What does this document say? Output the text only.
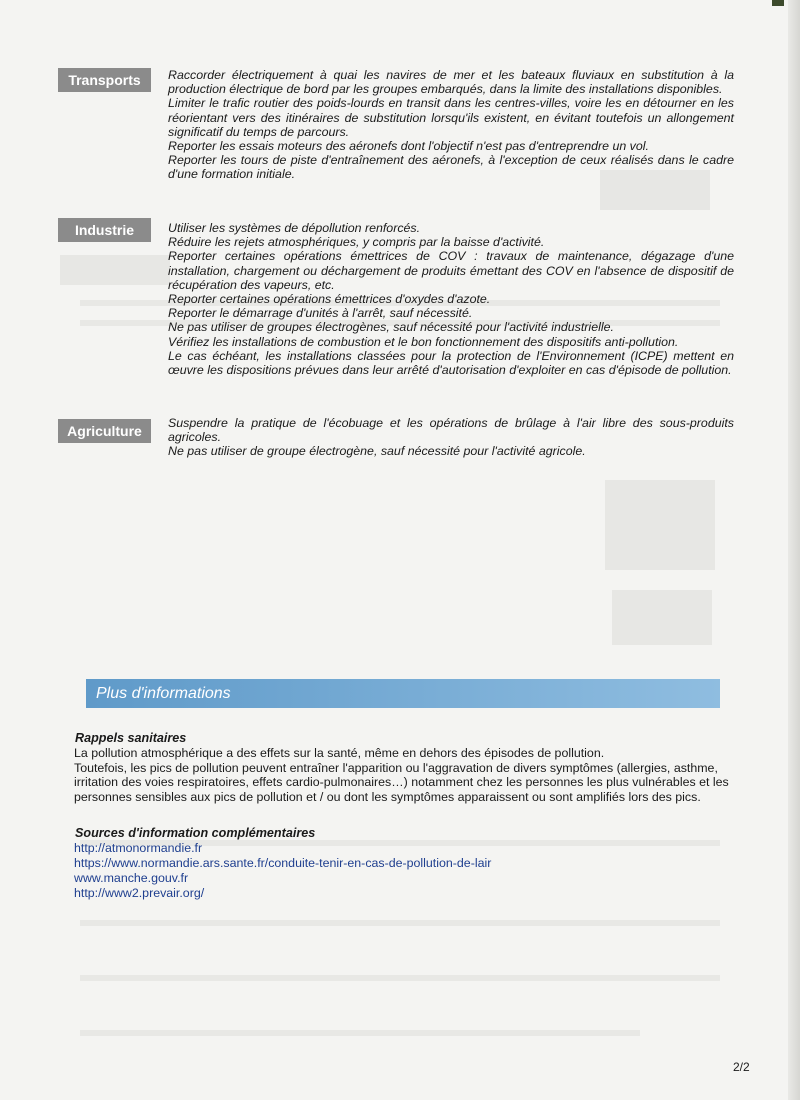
Transports	Raccorder électriquement à quai les navires de mer et les bateaux fluviaux en substitution à la production électrique de bord par les groupes embarqués, dans la limite des installations disponibles.

Limiter le trafic routier des poids-lourds en transit dans les centres-villes, voire les en détourner en les réorientant vers des itinéraires de substitution lorsqu'ils existent, en évitant toutefois un allongement significatif du temps de parcours.

Reporter les essais moteurs des aéronefs dont l'objectif n'est pas d'entreprendre un vol.

Reporter les tours de piste d'entraînement des aéronefs, à l'exception de ceux réalisés dans le cadre d'une formation initiale.

Industrie	Utiliser les systèmes de dépollution renforcés.

Réduire les rejets atmosphériques, y compris par la baisse d'activité.

Reporter certaines opérations émettrices de COV : travaux de maintenance, dégazage d'une installation, chargement ou déchargement de produits émettant des COV en l'absence de dispositif de récupération des vapeurs, etc.

Reporter certaines opérations émettrices d'oxydes d'azote.

Reporter le démarrage d'unités à l'arrêt, sauf nécessité.

Ne pas utiliser de groupes électrogènes, sauf nécessité pour l'activité industrielle.

Vérifiez les installations de combustion et le bon fonctionnement des dispositifs anti-pollution.

Le cas échéant, les installations classées pour la protection de l'Environnement (ICPE) mettent en œuvre les dispositions prévues dans leur arrêté d'autorisation d'exploiter en cas d'épisode de pollution.

Agriculture	Suspendre la pratique de l'écobuage et les opérations de brûlage à l'air libre des sous-produits agricoles.

Ne pas utiliser de groupe électrogène, sauf nécessité pour l'activité agricole.

Plus d'informations
Rappels sanitaires

La pollution atmosphérique a des effets sur la santé, même en dehors des épisodes de pollution.

Toutefois, les pics de pollution peuvent entraîner l'apparition ou l'aggravation de divers symptômes (allergies, asthme, irritation des voies respiratoires, effets cardio-pulmonaires…) notamment chez les personnes les plus vulnérables et les personnes sensibles aux pics de pollution et / ou dont les symptômes apparaissent ou sont amplifiés lors des pics.

Sources d'information complémentaires
http://atmonormandie.fr
https://www.normandie.ars.sante.fr/conduite-tenir-en-cas-de-pollution-de-lair
www.manche.gouv.fr
http://www2.prevair.org/
2/2
